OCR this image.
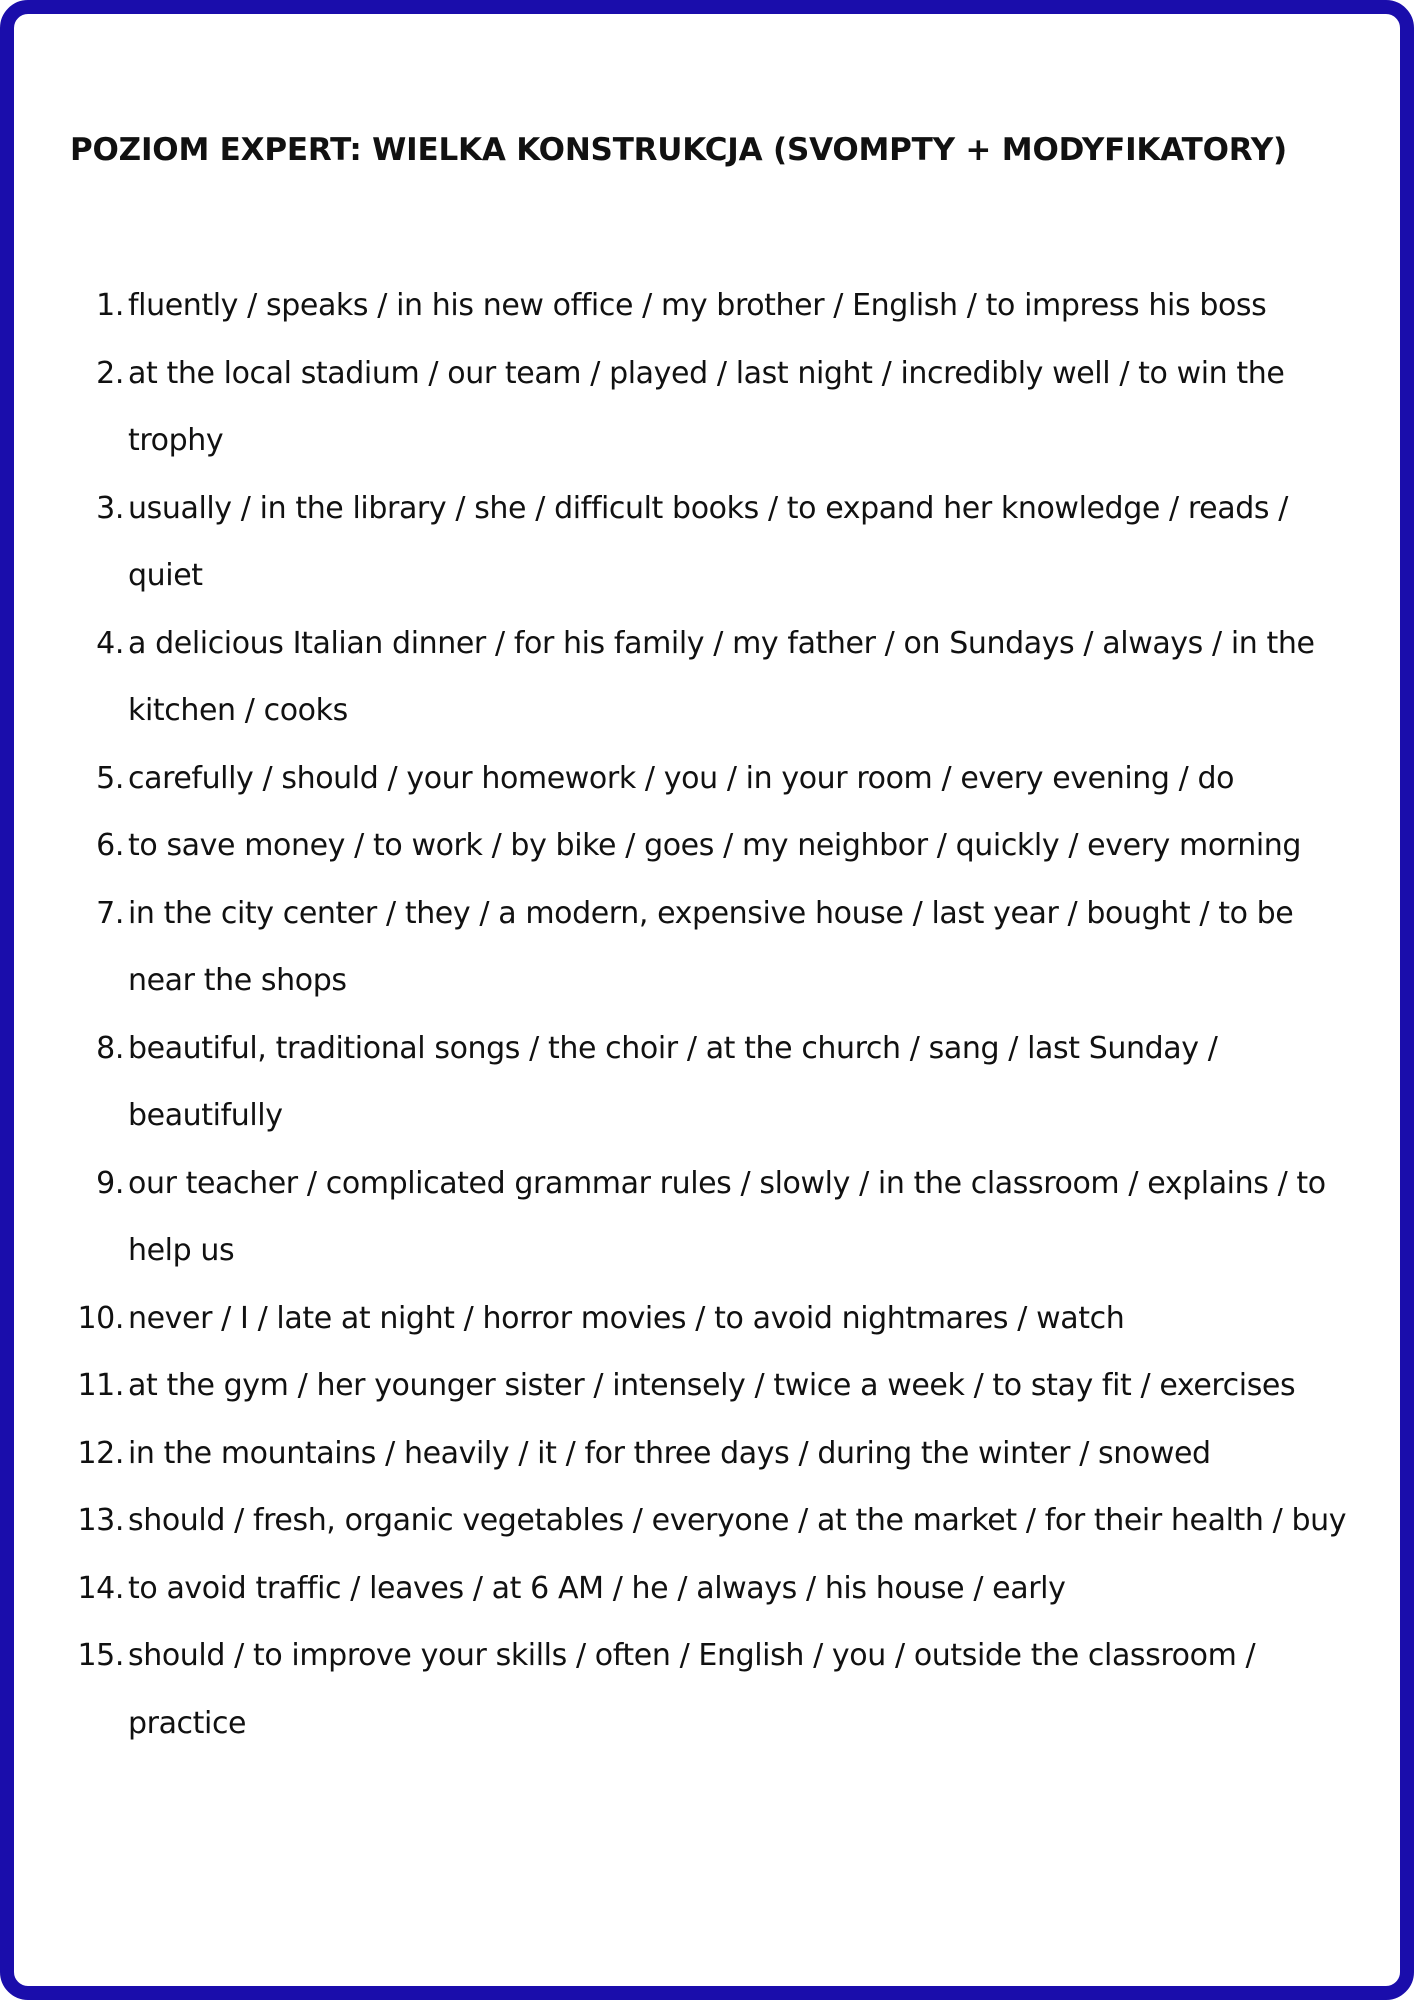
POZIOM EXPERT: WIELKA KONSTRUKCJA (SVOMPTY + MODYFIKATORY)
1. fluently / speaks / in his new office / my brother / English / to impress his boss
2. at the local stadium / our team / played / last night / incredibly well / to win the trophy
3. usually / in the library / she / difficult books / to expand her knowledge / reads / quiet
4. a delicious Italian dinner / for his family / my father / on Sundays / always / in the kitchen / cooks
5. carefully / should / your homework / you / in your room / every evening / do
6. to save money / to work / by bike / goes / my neighbor / quickly / every morning
7. in the city center / they / a modern, expensive house / last year / bought / to be near the shops
8. beautiful, traditional songs / the choir / at the church / sang / last Sunday / beautifully
9. our teacher / complicated grammar rules / slowly / in the classroom / explains / to help us
10. never / I / late at night / horror movies / to avoid nightmares / watch
11. at the gym / her younger sister / intensely / twice a week / to stay fit / exercises
12. in the mountains / heavily / it / for three days / during the winter / snowed
13. should / fresh, organic vegetables / everyone / at the market / for their health / buy
14. to avoid traffic / leaves / at 6 AM / he / always / his house / early
15. should / to improve your skills / often / English / you / outside the classroom / practice
